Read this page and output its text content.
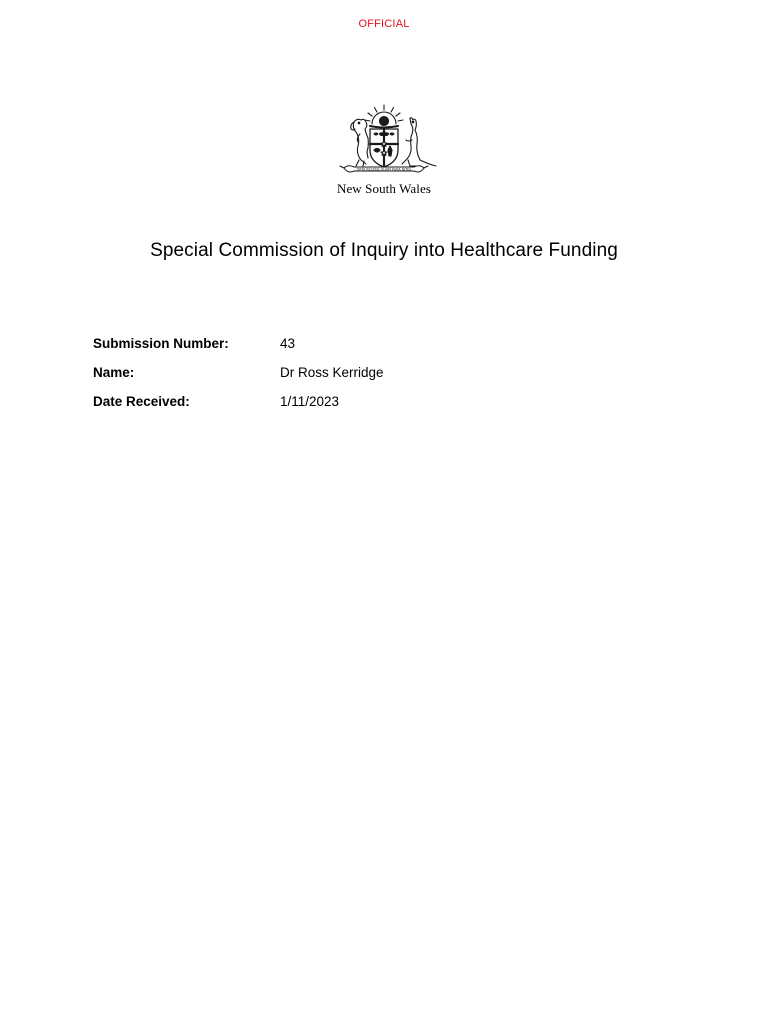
OFFICIAL
ORTA RECENS QUAM PURA NITES
New South Wales
Special Commission of Inquiry into Healthcare Funding
Submission Number:	43
Name:	Dr Ross Kerridge
Date Received:	1/11/2023
